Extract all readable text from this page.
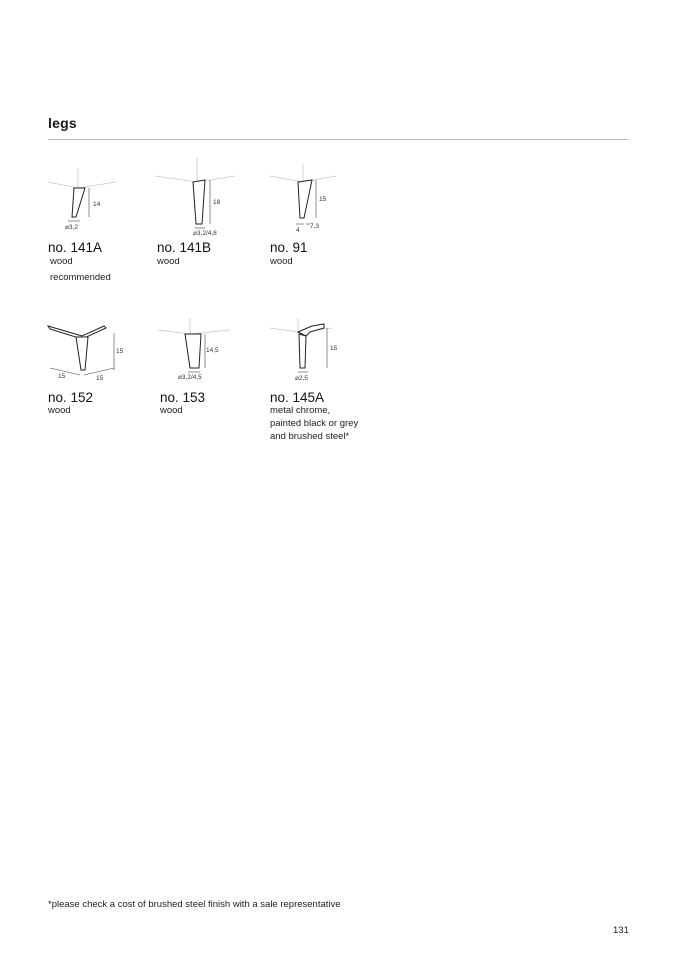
legs
14
⌀3,2
no. 141A
wood
recommended
18
⌀3,2/4,8
no. 141B
wood
15
4
7,3
no. 91
wood
15
15	15
no. 152
wood
14,5
⌀3,2/4,5
no. 153
wood
15
⌀2,5
no. 145A
metal chrome,
painted black or grey
and brushed steel*
*please check a cost of brushed steel finish with a sale representative
131
